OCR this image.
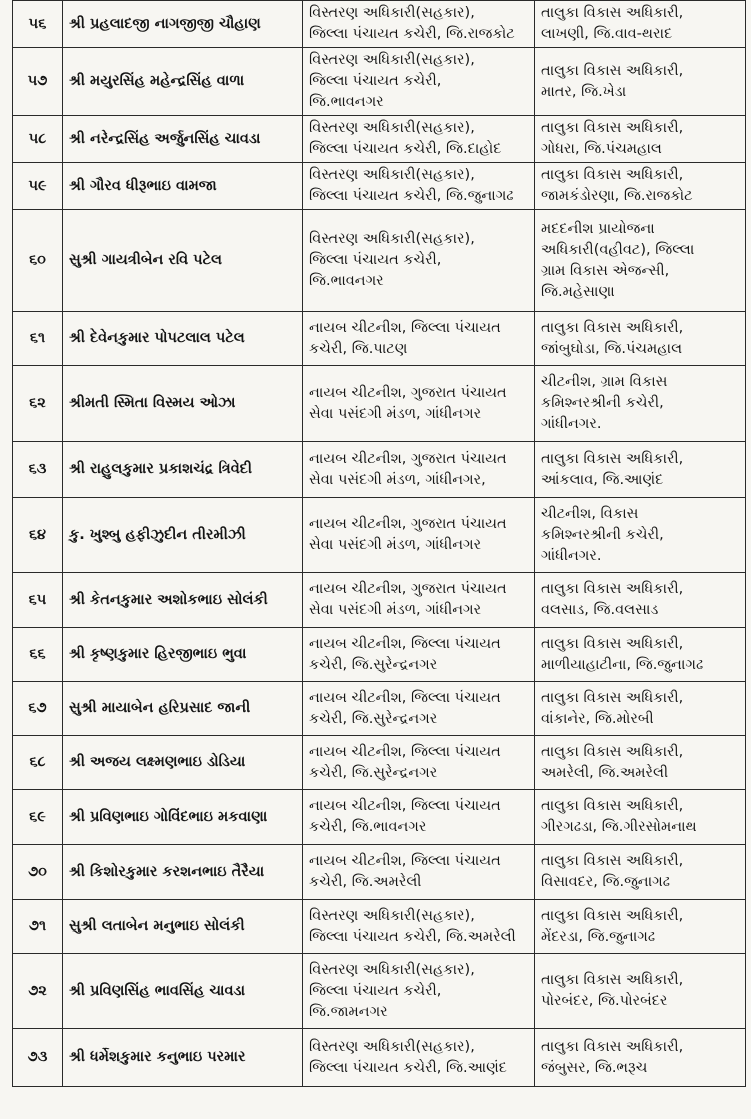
૫૬	શ્રી પ્રહલાદજી નાગજીજી ચૌહાણ	વિસ્તરણ અધિકારી(સહકાર),
જિલ્લા પંચાયત કચેરી, જિ.રાજકોટ	તાલુકા વિકાસ અધિકારી,
લાખણી, જિ.વાવ-થરાદ

૫૭	શ્રી મયુરસિંહ મહેન્દ્રસિંહ વાળા	વિસ્તરણ અધિકારી(સહકાર),
જિલ્લા પંચાયત કચેરી,
જિ.ભાવનગર	તાલુકા વિકાસ અધિકારી,
માતર, જિ.ખેડા

૫૮	શ્રી નરેન્દ્રસિંહ અર્જુનસિંહ ચાવડા	વિસ્તરણ અધિકારી(સહકાર),
જિલ્લા પંચાયત કચેરી, જિ.દાહોદ	તાલુકા વિકાસ અધિકારી,
ગોધરા, જિ.પંચમહાલ

૫૯	શ્રી ગૌરવ ધીરૂભાઇ વામજા	વિસ્તરણ અધિકારી(સહકાર),
જિલ્લા પંચાયત કચેરી, જિ.જુનાગઢ	તાલુકા વિકાસ અધિકારી,
જામકંડોરણા, જિ.રાજકોટ

૬૦	સુશ્રી ગાયત્રીબેન રવિ પટેલ	વિસ્તરણ અધિકારી(સહકાર),
જિલ્લા પંચાયત કચેરી,
જિ.ભાવનગર	મદદનીશ પ્રાયોજના
અધિકારી(વહીવટ), જિલ્લા
ગ્રામ વિકાસ એજન્સી,
જિ.મહેસાણા

૬૧	શ્રી દેવેનકુમાર પોપટલાલ પટેલ	નાયબ ચીટનીશ, જિલ્લા પંચાયત
કચેરી, જિ.પાટણ	તાલુકા વિકાસ અધિકારી,
જાંબુઘોડા, જિ.પંચમહાલ

૬૨	શ્રીમતી સ્મિતા વિસ્મય ઓઝા	નાયબ ચીટનીશ, ગુજરાત પંચાયત
સેવા પસંદગી મંડળ, ગાંધીનગર	ચીટનીશ, ગ્રામ વિકાસ
કમિશ્નરશ્રીની કચેરી,
ગાંધીનગર.

૬૩	શ્રી રાહુલકુમાર પ્રકાશચંદ્ર ત્રિવેદી	નાયબ ચીટનીશ, ગુજરાત પંચાયત
સેવા પસંદગી મંડળ, ગાંધીનગર,	તાલુકા વિકાસ અધિકારી,
આંકલાવ, જિ.આણંદ

૬૪	કુ. ખુશ્બુ હફીઝુદીન તીરમીઝી	નાયબ ચીટનીશ, ગુજરાત પંચાયત
સેવા પસંદગી મંડળ, ગાંધીનગર	ચીટનીશ, વિકાસ
કમિશ્નરશ્રીની કચેરી,
ગાંધીનગર.

૬૫	શ્રી કેતનકુમાર અશોકભાઇ સોલંકી	નાયબ ચીટનીશ, ગુજરાત પંચાયત
સેવા પસંદગી મંડળ, ગાંધીનગર	તાલુકા વિકાસ અધિકારી,
વલસાડ, જિ.વલસાડ

૬૬	શ્રી કૃષ્ણકુમાર હિરજીભાઇ ભુવા	નાયબ ચીટનીશ, જિલ્લા પંચાયત
કચેરી, જિ.સુરેન્દ્રનગર	તાલુકા વિકાસ અધિકારી,
માળીયાહાટીના, જિ.જુનાગઢ

૬૭	સુશ્રી માયાબેન હરિપ્રસાદ જાની	નાયબ ચીટનીશ, જિલ્લા પંચાયત
કચેરી, જિ.સુરેન્દ્રનગર	તાલુકા વિકાસ અધિકારી,
વાંકાનેર, જિ.મોરબી

૬૮	શ્રી અજય લક્ષ્મણભાઇ ડોડિયા	નાયબ ચીટનીશ, જિલ્લા પંચાયત
કચેરી, જિ.સુરેન્દ્રનગર	તાલુકા વિકાસ અધિકારી,
અમરેલી, જિ.અમરેલી

૬૯	શ્રી પ્રવિણભાઇ ગોવિંદભાઇ મકવાણા	નાયબ ચીટનીશ, જિલ્લા પંચાયત
કચેરી, જિ.ભાવનગર	તાલુકા વિકાસ અધિકારી,
ગીરગઢડા, જિ.ગીરસોમનાથ

૭૦	શ્રી કિશોરકુમાર કરશનભાઇ તૈરૈયા	નાયબ ચીટનીશ, જિલ્લા પંચાયત
કચેરી, જિ.અમરેલી	તાલુકા વિકાસ અધિકારી,
વિસાવદર, જિ.જુનાગઢ

૭૧	સુશ્રી લતાબેન મનુભાઇ સોલંકી	વિસ્તરણ અધિકારી(સહકાર),
જિલ્લા પંચાયત કચેરી, જિ.અમરેલી	તાલુકા વિકાસ અધિકારી,
મેંદરડા, જિ.જુનાગઢ

૭૨	શ્રી પ્રવિણસિંહ ભાવસિંહ ચાવડા	વિસ્તરણ અધિકારી(સહકાર),
જિલ્લા પંચાયત કચેરી,
જિ.જામનગર	તાલુકા વિકાસ અધિકારી,
પોરબંદર, જિ.પોરબંદર

૭૩	શ્રી ધર્મેશકુમાર કનુભાઇ પરમાર	વિસ્તરણ અધિકારી(સહકાર),
જિલ્લા પંચાયત કચેરી, જિ.આણંદ	તાલુકા વિકાસ અધિકારી,
જંબુસર, જિ.ભરૂચ
